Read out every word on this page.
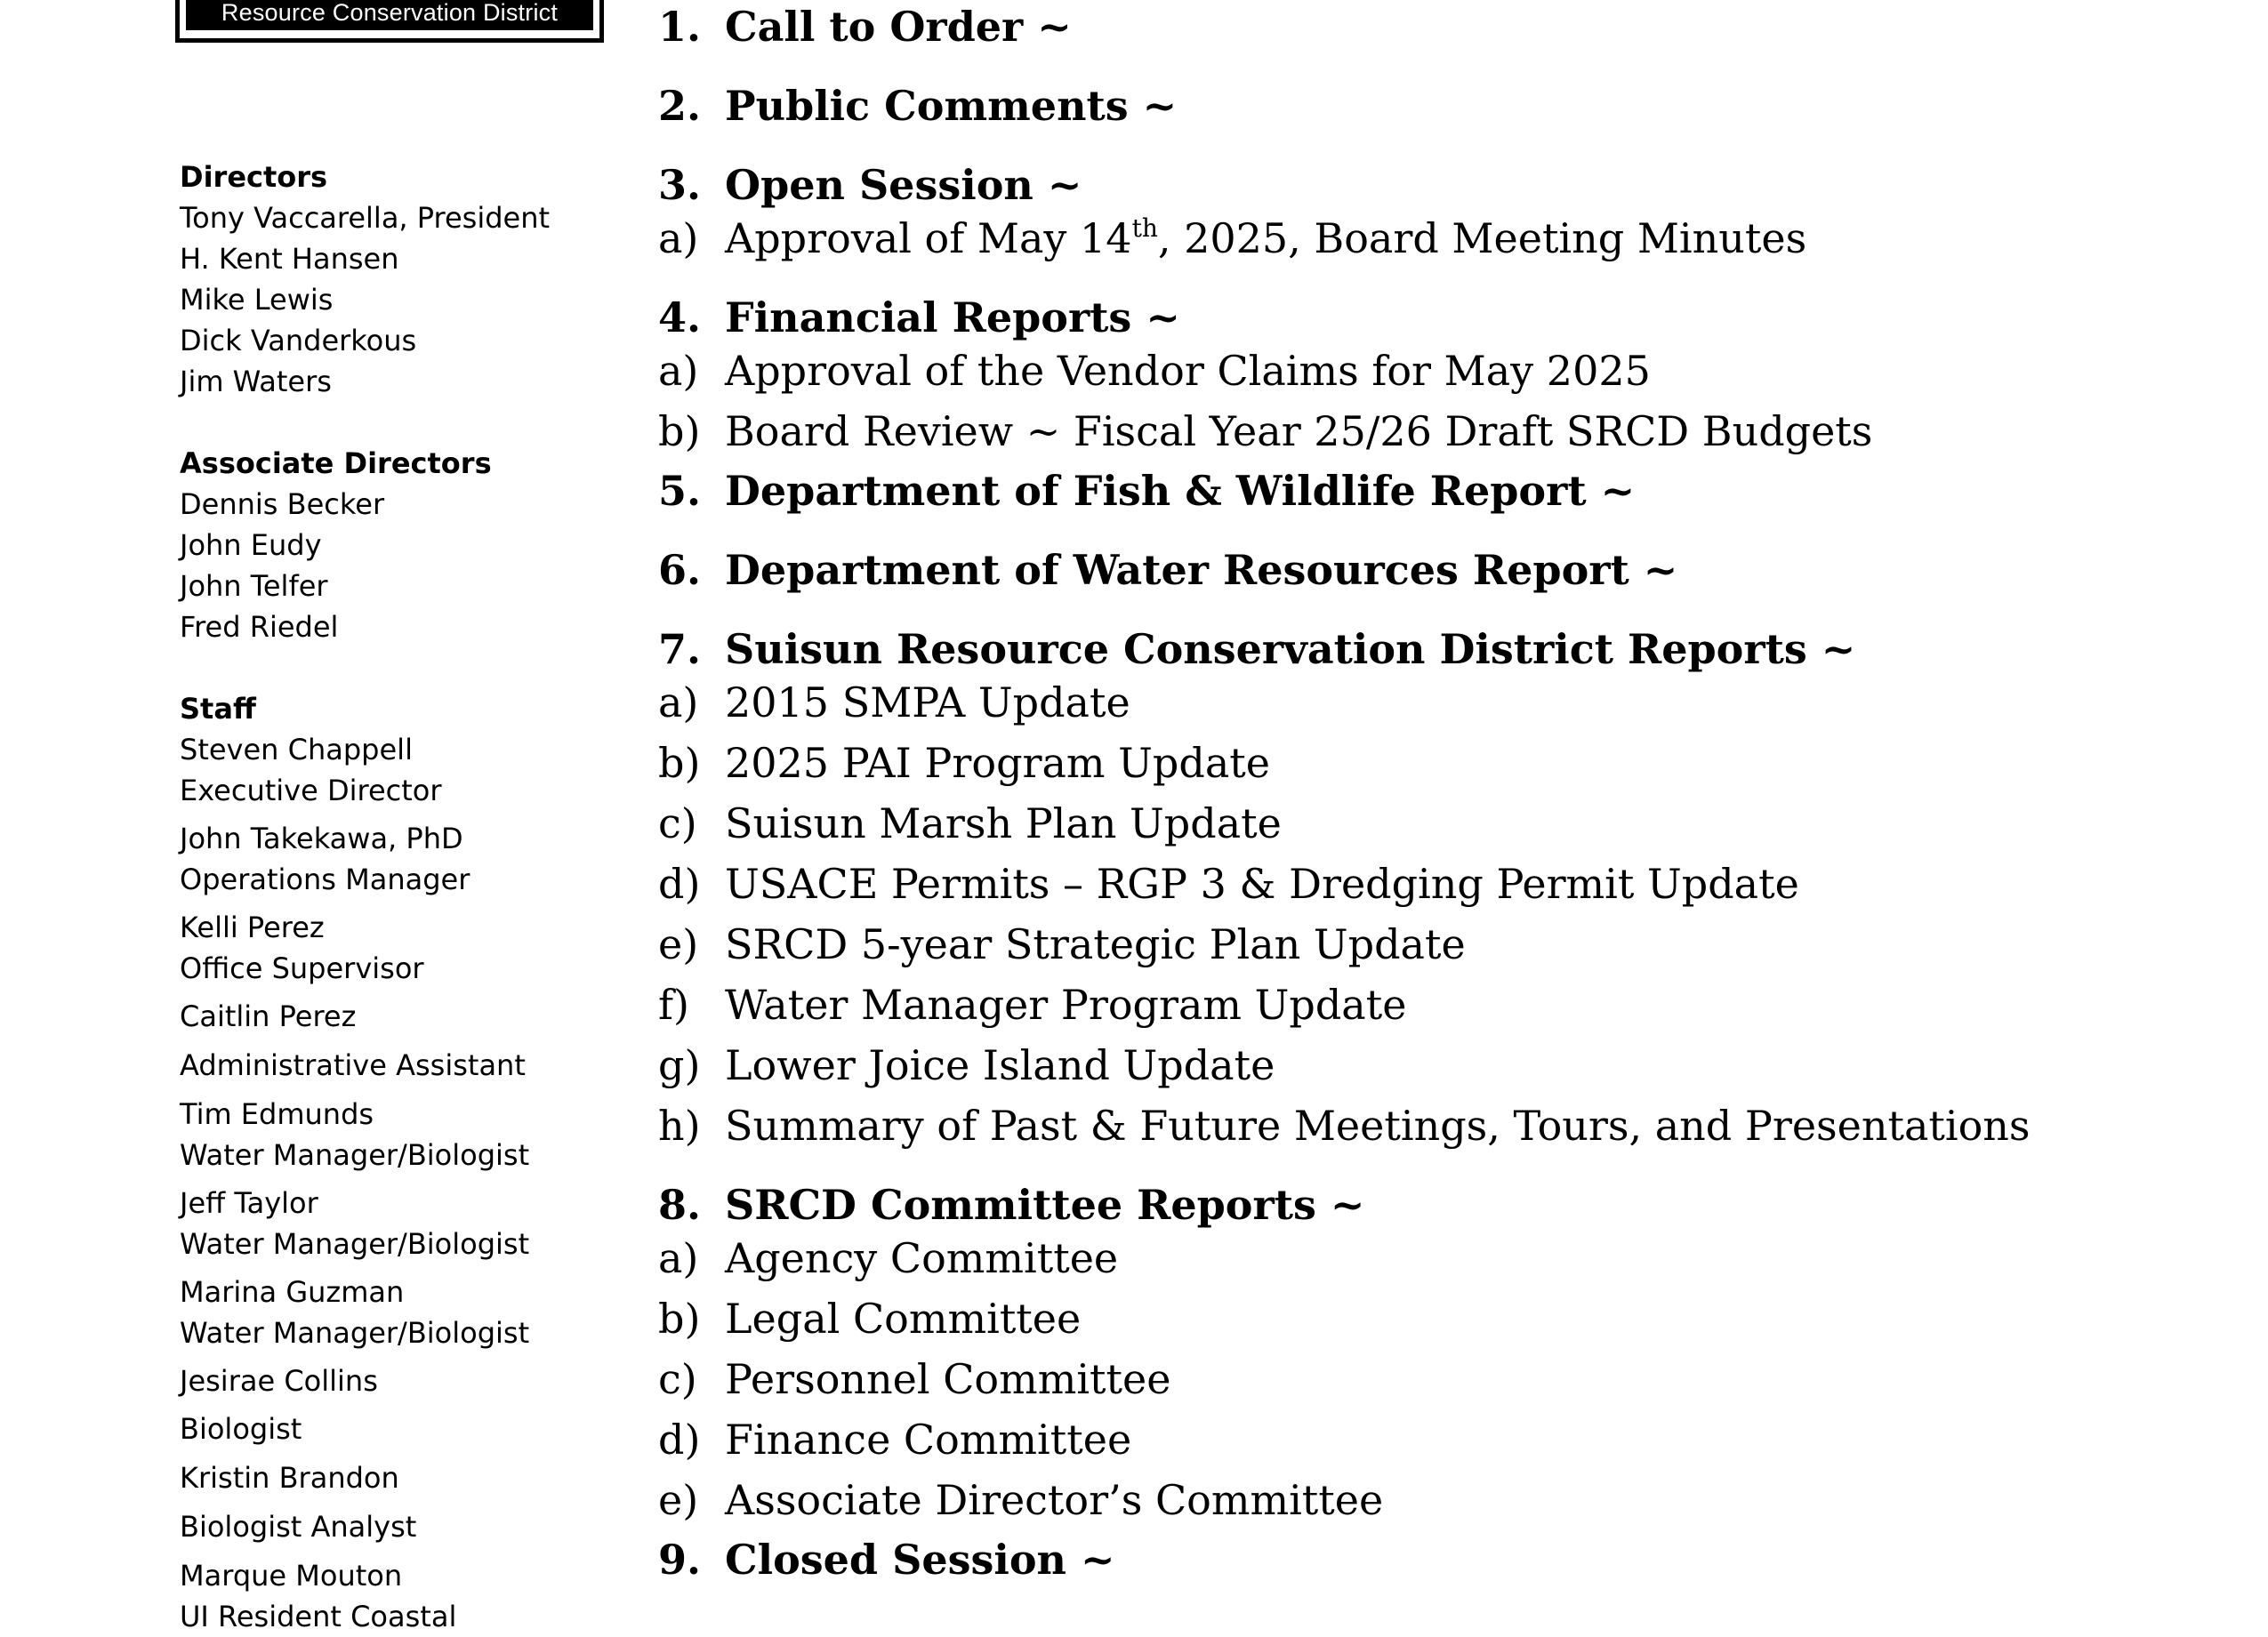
Resource Conservation District
Directors
Tony Vaccarella, President
H. Kent Hansen
Mike Lewis
Dick Vanderkous
Jim Waters
Associate Directors
Dennis Becker
John Eudy
John Telfer
Fred Riedel
Staff
Steven Chappell
Executive Director
John Takekawa, PhD
Operations Manager
Kelli Perez
Office Supervisor
Caitlin Perez
Administrative Assistant
Tim Edmunds
Water Manager/Biologist
Jeff Taylor
Water Manager/Biologist
Marina Guzman
Water Manager/Biologist
Jesirae Collins
Biologist
Kristin Brandon
Biologist Analyst
Marque Mouton
UI Resident Coastal
1. Call to Order ~
2. Public Comments ~
3. Open Session ~
a) Approval of May 14th, 2025, Board Meeting Minutes
4. Financial Reports ~
a) Approval of the Vendor Claims for May 2025
b) Board Review ~ Fiscal Year 25/26 Draft SRCD Budgets
5. Department of Fish & Wildlife Report ~
6. Department of Water Resources Report ~
7. Suisun Resource Conservation District Reports ~
a) 2015 SMPA Update
b) 2025 PAI Program Update
c) Suisun Marsh Plan Update
d) USACE Permits – RGP 3 & Dredging Permit Update
e) SRCD 5-year Strategic Plan Update
f) Water Manager Program Update
g) Lower Joice Island Update
h) Summary of Past & Future Meetings, Tours, and Presentations
8. SRCD Committee Reports ~
a) Agency Committee
b) Legal Committee
c) Personnel Committee
d) Finance Committee
e) Associate Director’s Committee
9. Closed Session ~
